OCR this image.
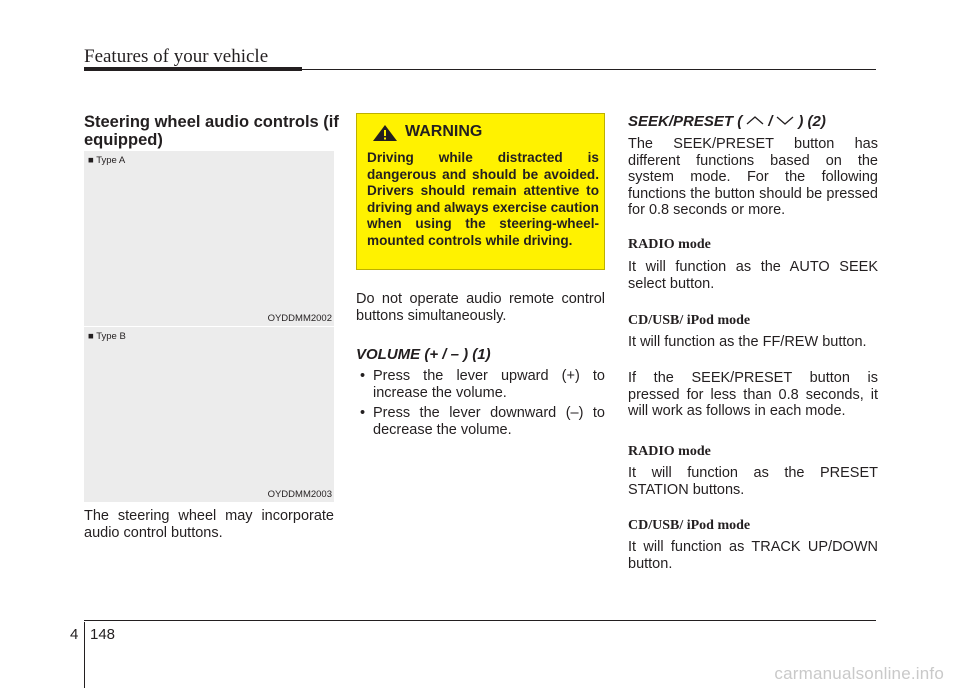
Features of your vehicle

Steering wheel audio controls (if equipped)

■ Type A
OYDDMM2002
■ Type B
OYDDMM2003

The steering wheel may incorporate audio control buttons.

WARNING
Driving while distracted is dangerous and should be avoided. Drivers should remain attentive to driving and always exercise caution when using the steering-wheel-mounted controls while driving.

Do not operate audio remote control buttons simultaneously.

VOLUME (+ / – ) (1)

• Press the lever upward (+) to increase the volume.
• Press the lever downward (–) to decrease the volume.

SEEK/PRESET ( / ) (2)

The SEEK/PRESET button has different functions based on the system mode. For the following functions the button should be pressed for 0.8 seconds or more.

RADIO mode

It will function as the AUTO SEEK select button.

CD/USB/ iPod mode

It will function as the FF/REW button.

If the SEEK/PRESET button is pressed for less than 0.8 seconds, it will work as follows in each mode.

RADIO mode

It will function as the PRESET STATION buttons.

CD/USB/ iPod mode

It will function as TRACK UP/DOWN button.

4 148
carmanualsonline.info
